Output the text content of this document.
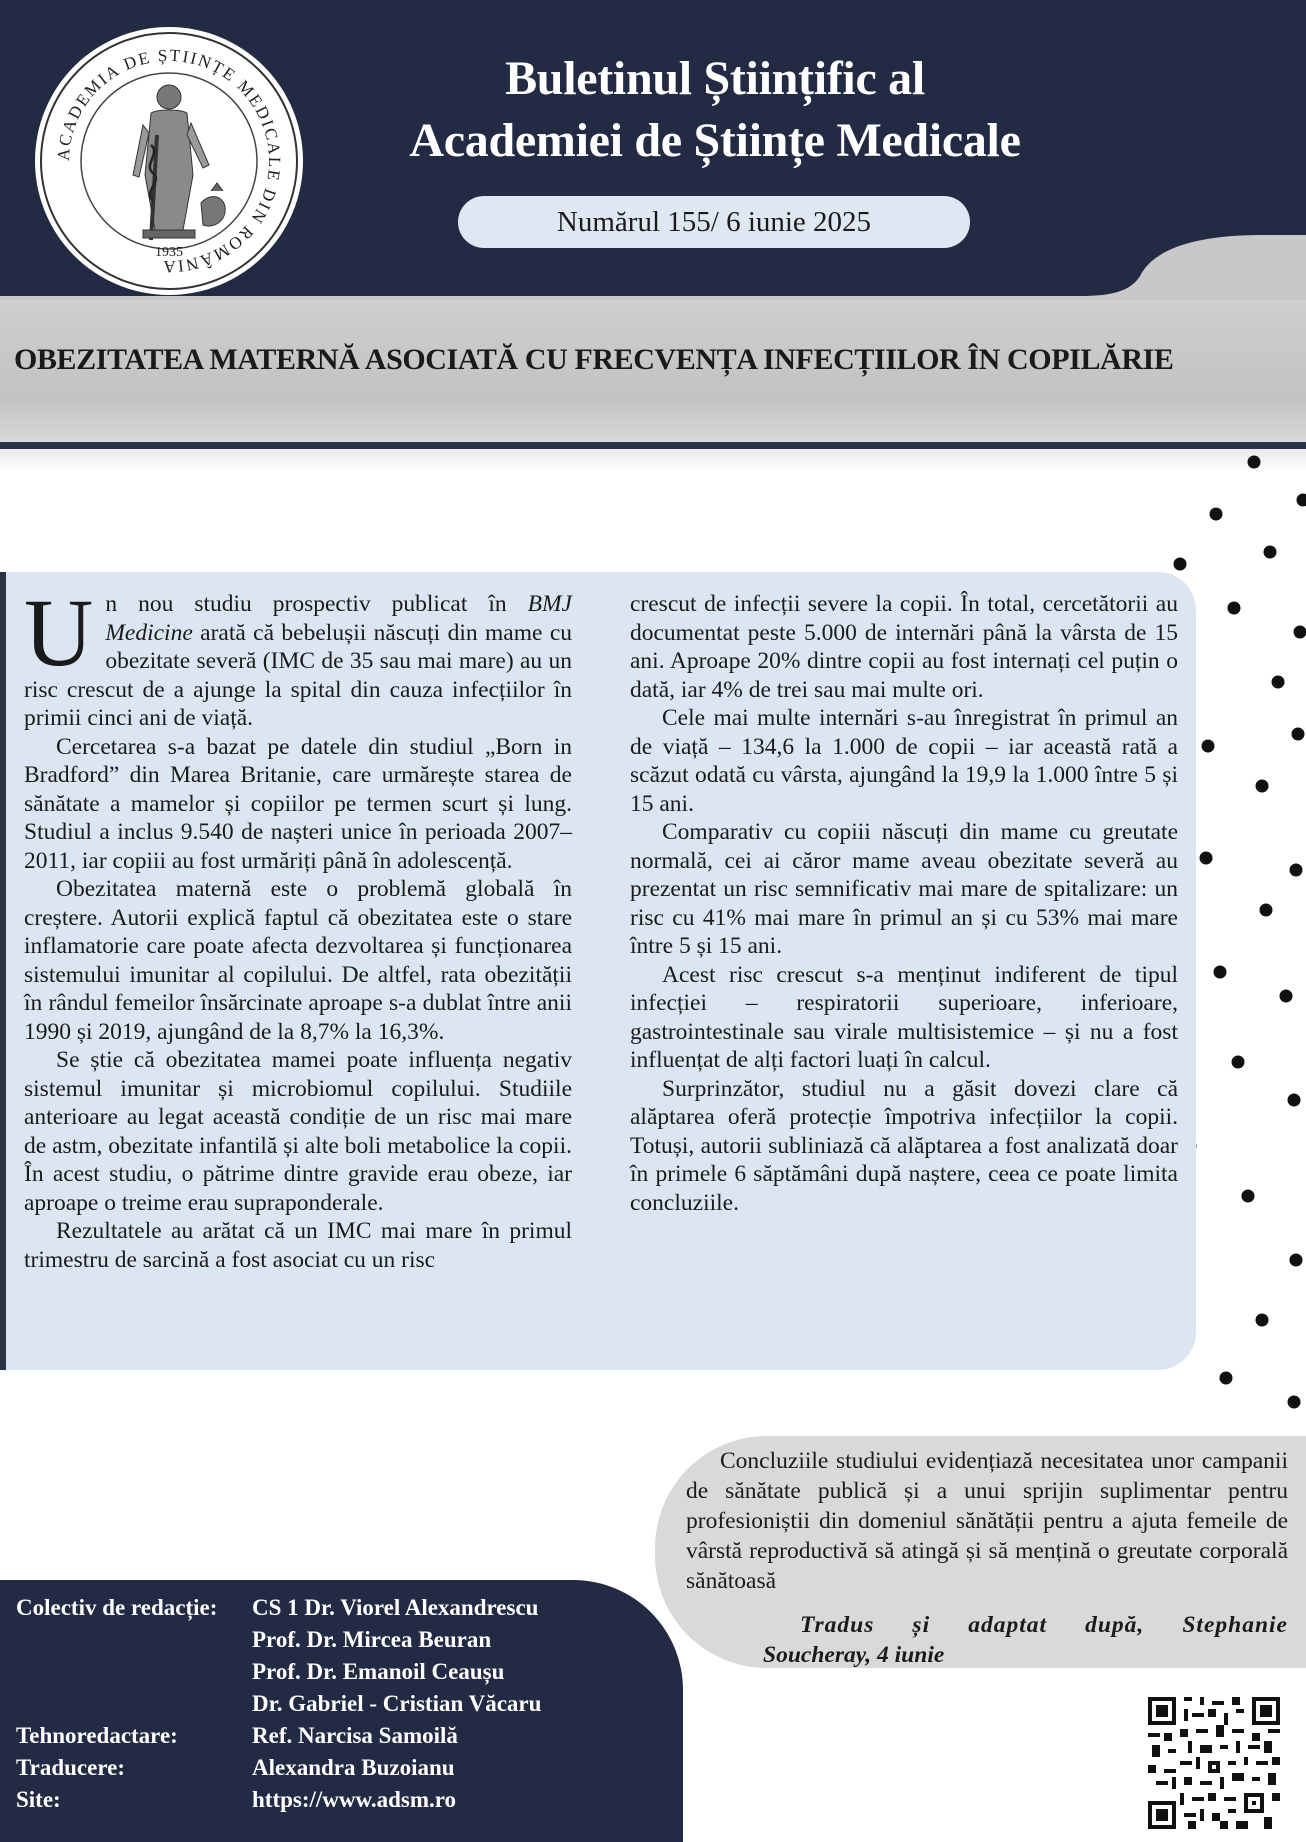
ACADEMIA DE ȘTIINȚE MEDICALE DIN ROMÂNIA
1935
Buletinul Științific al
Academiei de Științe Medicale
Numărul 155/ 6 iunie 2025
OBEZITATEA MATERNĂ ASOCIATĂ CU FRECVENȚA INFECȚIILOR ÎN COPILĂRIE

Un nou studiu prospectiv publicat în BMJ Medicine arată că bebelușii născuți din mame cu obezitate severă (IMC de 35 sau mai mare) au un risc crescut de a ajunge la spital din cauza infecțiilor în primii cinci ani de viață.

Cercetarea s-a bazat pe datele din studiul „Born in Bradford” din Marea Britanie, care urmărește starea de sănătate a mamelor și copiilor pe termen scurt și lung. Studiul a inclus 9.540 de nașteri unice în perioada 2007–2011, iar copiii au fost urmăriți până în adolescență.

Obezitatea maternă este o problemă globală în creștere. Autorii explică faptul că obezitatea este o stare inflamatorie care poate afecta dezvoltarea și funcționarea sistemului imunitar al copilului. De altfel, rata obezității în rândul femeilor însărcinate aproape s-a dublat între anii 1990 și 2019, ajungând de la 8,7% la 16,3%.

Se știe că obezitatea mamei poate influența negativ sistemul imunitar și microbiomul copilului. Studiile anterioare au legat această condiție de un risc mai mare de astm, obezitate infantilă și alte boli metabolice la copii. În acest studiu, o pătrime dintre gravide erau obeze, iar aproape o treime erau supraponderale.

Rezultatele au arătat că un IMC mai mare în primul trimestru de sarcină a fost asociat cu un risc

crescut de infecții severe la copii. În total, cercetătorii au documentat peste 5.000 de internări până la vârsta de 15 ani. Aproape 20% dintre copii au fost internați cel puțin o dată, iar 4% de trei sau mai multe ori.

Cele mai multe internări s-au înregistrat în primul an de viață – 134,6 la 1.000 de copii – iar această rată a scăzut odată cu vârsta, ajungând la 19,9 la 1.000 între 5 și 15 ani.

Comparativ cu copiii născuți din mame cu greutate normală, cei ai căror mame aveau obezitate severă au prezentat un risc semnificativ mai mare de spitalizare: un risc cu 41% mai mare în primul an și cu 53% mai mare între 5 și 15 ani.

Acest risc crescut s-a menținut indiferent de tipul infecției – respiratorii superioare, inferioare, gastrointestinale sau virale multisistemice – și nu a fost influențat de alți factori luați în calcul.

Surprinzător, studiul nu a găsit dovezi clare că alăptarea oferă protecție împotriva infecțiilor la copii. Totuși, autorii subliniază că alăptarea a fost analizată doar în primele 6 săptămâni după naștere, ceea ce poate limita concluziile.

Concluziile studiului evidențiază necesitatea unor campanii de sănătate publică și a unui sprijin suplimentar pentru profesioniștii din domeniul sănătății pentru a ajuta femeile de vârstă reproductivă să atingă și să mențină o greutate corporală sănătoasă
Tradus și adaptat după, Stephanie
Soucheray, 4 iunie
Colectiv de redacție: CS 1 Dr. Viorel Alexandrescu
Prof. Dr. Mircea Beuran
Prof. Dr. Emanoil Ceaușu
Dr. Gabriel - Cristian Văcaru
Tehnoredactare:	Ref. Narcisa Samoilă
Traducere:	Alexandra Buzoianu
Site:	https://www.adsm.ro
